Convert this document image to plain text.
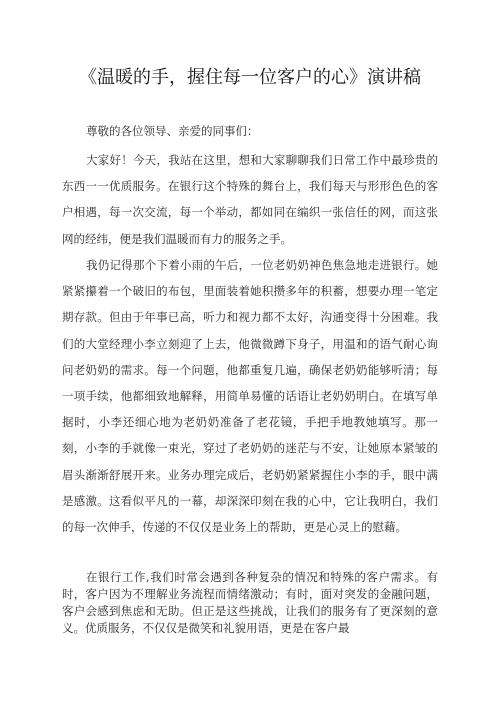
《温暖的手，握住每一位客户的心》演讲稿
尊敬的各位领导、亲爱的同事们：

大家好！今天，我站在这里，想和大家聊聊我们日常工作中最珍贵的东西一一优质服务。在银行这个特殊的舞台上，我们每天与形形色色的客户相遇，每一次交流，每一个举动，都如同在编织一张信任的网，而这张网的经纬，便是我们温暖而有力的服务之手。

我仍记得那个下着小雨的午后，一位老奶奶神色焦急地走进银行。她紧紧攥着一个破旧的布包，里面装着她积攒多年的积蓄，想要办理一笔定期存款。但由于年事已高，听力和视力都不太好，沟通变得十分困难。我们的大堂经理小李立刻迎了上去，他微微蹲下身子，用温和的语气耐心询问老奶奶的需求。每一个问题，他都重复几遍，确保老奶奶能够听清；每一项手续，他都细致地解释，用简单易懂的话语让老奶奶明白。在填写单据时，小李还细心地为老奶奶准备了老花镜，手把手地教她填写。那一刻，小李的手就像一束光，穿过了老奶奶的迷茫与不安，让她原本紧皱的眉头渐渐舒展开来。业务办理完成后，老奶奶紧紧握住小李的手，眼中满是感激。这看似平凡的一幕，却深深印刻在我的心中，它让我明白，我们的每一次伸手，传递的不仅仅是业务上的帮助，更是心灵上的慰藉。

在银行工作,我们时常会遇到各种复杂的情况和特殊的客户需求。有时，客户因为不理解业务流程而情绪激动；有时，面对突发的金融问题，客户会感到焦虑和无助。但正是这些挑战，让我们的服务有了更深刻的意义。优质服务，不仅仅是微笑和礼貌用语，更是在客户最
